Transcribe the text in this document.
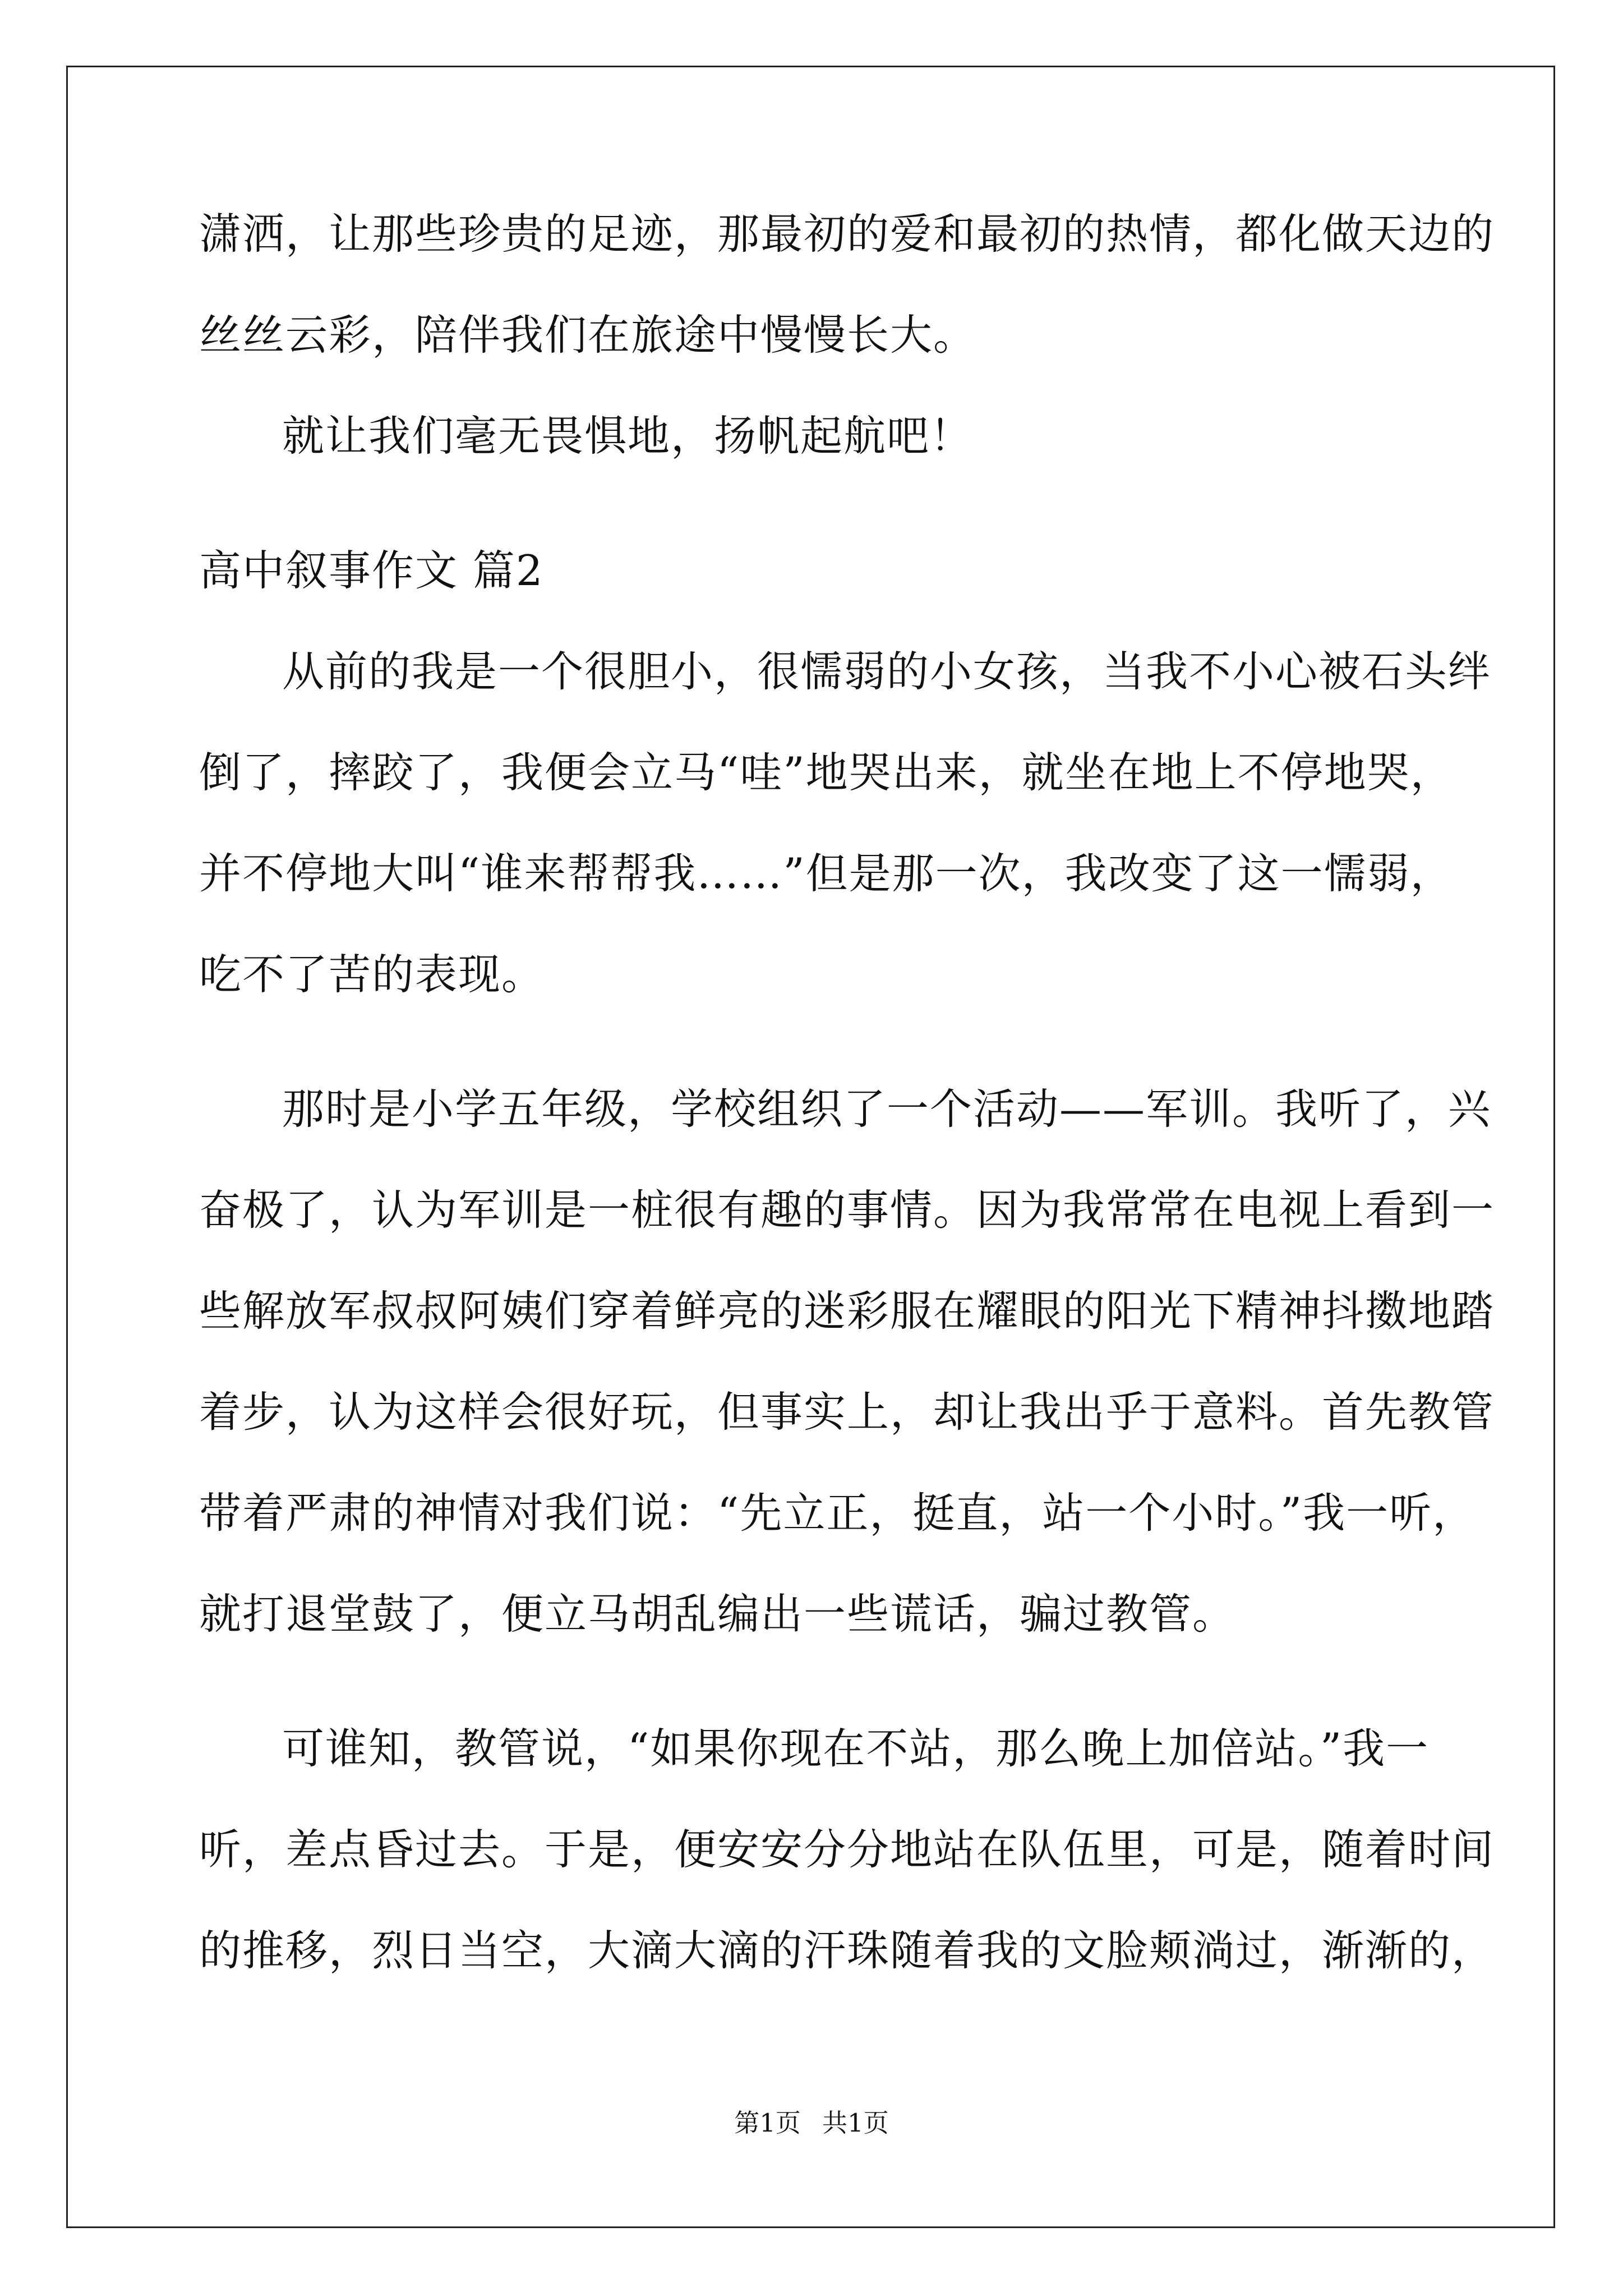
潇洒，让那些珍贵的足迹，那最初的爱和最初的热情，都化做天边的

丝丝云彩，陪伴我们在旅途中慢慢长大。

就让我们毫无畏惧地，扬帆起航吧！

高中叙事作文 篇2

从前的我是一个很胆小，很懦弱的小女孩，当我不小心被石头绊

倒了，摔跤了，我便会立马“哇”地哭出来，就坐在地上不停地哭，

并不停地大叫“谁来帮帮我……”但是那一次，我改变了这一懦弱，

吃不了苦的表现。

那时是小学五年级，学校组织了一个活动——军训。我听了，兴

奋极了，认为军训是一桩很有趣的事情。因为我常常在电视上看到一

些解放军叔叔阿姨们穿着鲜亮的迷彩服在耀眼的阳光下精神抖擞地踏

着步，认为这样会很好玩，但事实上，却让我出乎于意料。首先教管

带着严肃的神情对我们说：“先立正，挺直，站一个小时。”我一听，

就打退堂鼓了，便立马胡乱编出一些谎话，骗过教管。

可谁知，教管说，“如果你现在不站，那么晚上加倍站。”我一

听，差点昏过去。于是，便安安分分地站在队伍里，可是，随着时间

的推移，烈日当空，大滴大滴的汗珠随着我的文脸颊淌过，渐渐的，

第1页 共1页
